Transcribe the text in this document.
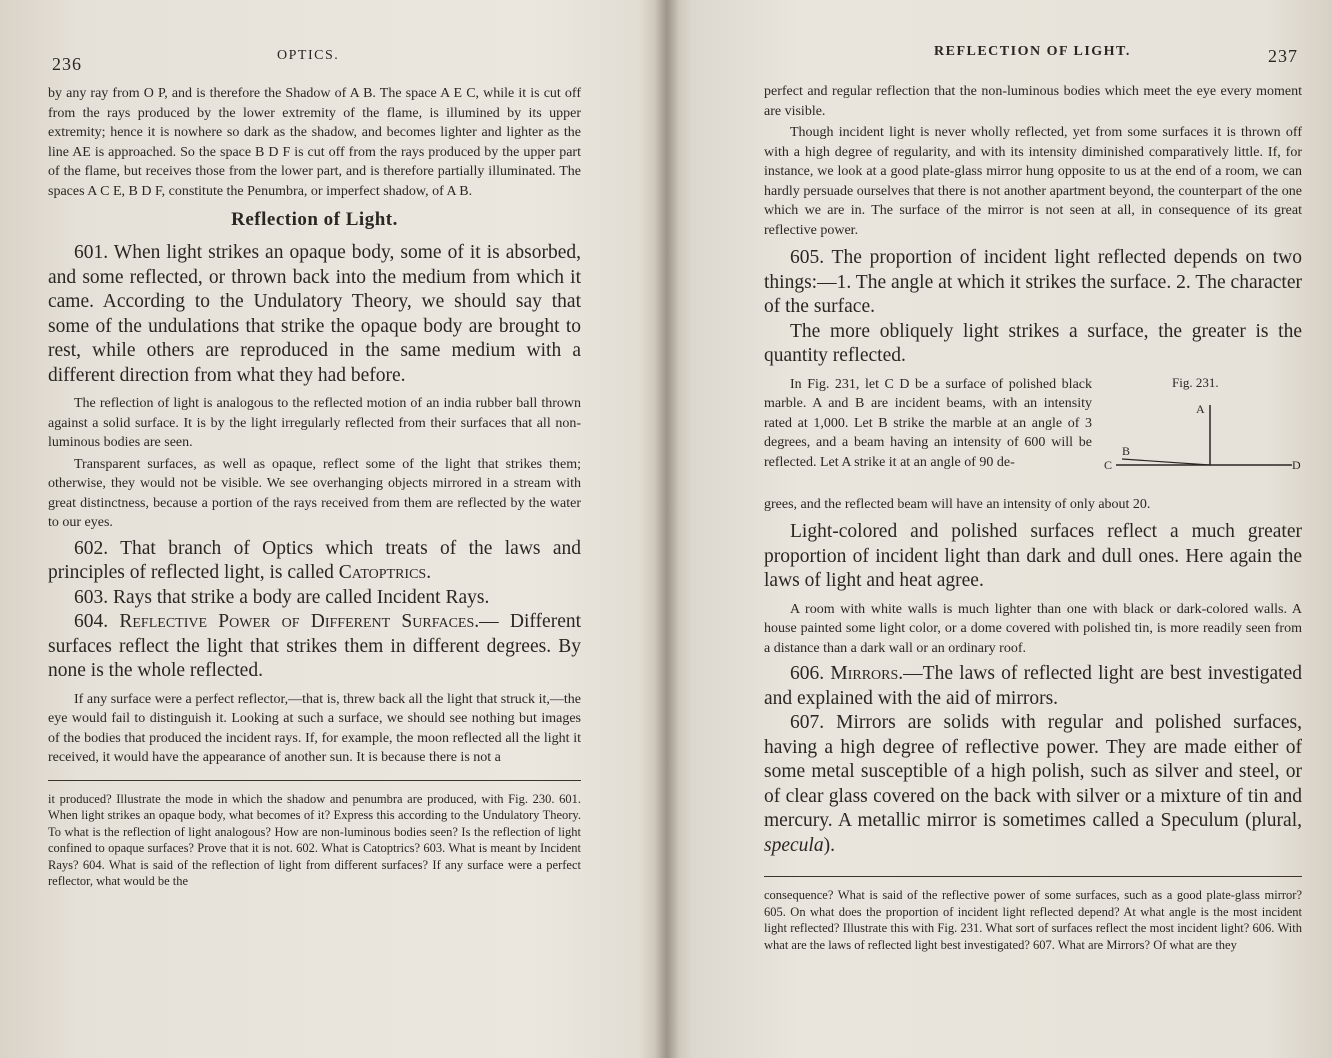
236	OPTICS.

by any ray from O P, and is therefore the Shadow of A B. The space A E C, while it is cut off from the rays produced by the lower extremity of the flame, is illumined by its upper extremity; hence it is nowhere so dark as the shadow, and becomes lighter and lighter as the line AE is approached. So the space B D F is cut off from the rays produced by the upper part of the flame, but receives those from the lower part, and is therefore partially illuminated. The spaces A C E, B D F, constitute the Penumbra, or imperfect shadow, of A B.

Reflection of Light.

601. When light strikes an opaque body, some of it is absorbed, and some reflected, or thrown back into the medium from which it came. According to the Undulatory Theory, we should say that some of the undulations that strike the opaque body are brought to rest, while others are reproduced in the same medium with a different direction from what they had before.

The reflection of light is analogous to the reflected motion of an india rubber ball thrown against a solid surface. It is by the light irregularly reflected from their surfaces that all non-luminous bodies are seen.

Transparent surfaces, as well as opaque, reflect some of the light that strikes them; otherwise, they would not be visible. We see overhanging objects mirrored in a stream with great distinctness, because a portion of the rays received from them are reflected by the water to our eyes.

602. That branch of Optics which treats of the laws and principles of reflected light, is called Catoptrics.

603. Rays that strike a body are called Incident Rays.

604. Reflective Power of Different Surfaces.— Different surfaces reflect the light that strikes them in different degrees. By none is the whole reflected.

If any surface were a perfect reflector,—that is, threw back all the light that struck it,—the eye would fail to distinguish it. Looking at such a surface, we should see nothing but images of the bodies that produced the incident rays. If, for example, the moon reflected all the light it received, it would have the appearance of another sun. It is because there is not a

it produced? Illustrate the mode in which the shadow and penumbra are produced, with Fig. 230. 601. When light strikes an opaque body, what becomes of it? Express this according to the Undulatory Theory. To what is the reflection of light analogous? How are non-luminous bodies seen? Is the reflection of light confined to opaque surfaces? Prove that it is not. 602. What is Catoptrics? 603. What is meant by Incident Rays? 604. What is said of the reflection of light from different surfaces? If any surface were a perfect reflector, what would be the

REFLECTION OF LIGHT.	237

perfect and regular reflection that the non-luminous bodies which meet the eye every moment are visible.

Though incident light is never wholly reflected, yet from some surfaces it is thrown off with a high degree of regularity, and with its intensity diminished comparatively little. If, for instance, we look at a good plate-glass mirror hung opposite to us at the end of a room, we can hardly persuade ourselves that there is not another apartment beyond, the counterpart of the one which we are in. The surface of the mirror is not seen at all, in consequence of its great reflective power.

605. The proportion of incident light reflected depends on two things:—1. The angle at which it strikes the surface. 2. The character of the surface.

The more obliquely light strikes a surface, the greater is the quantity reflected.

In Fig. 231, let C D be a surface of polished black marble. A and B are incident beams, with an intensity rated at 1,000. Let B strike the marble at an angle of 3 degrees, and a beam having an intensity of 600 will be reflected. Let A strike it at an angle of 90 de-

Fig. 231.
A
B
C	D

grees, and the reflected beam will have an intensity of only about 20.

Light-colored and polished surfaces reflect a much greater proportion of incident light than dark and dull ones. Here again the laws of light and heat agree.

A room with white walls is much lighter than one with black or dark-colored walls. A house painted some light color, or a dome covered with polished tin, is more readily seen from a distance than a dark wall or an ordinary roof.

606. Mirrors.—The laws of reflected light are best investigated and explained with the aid of mirrors.

607. Mirrors are solids with regular and polished surfaces, having a high degree of reflective power. They are made either of some metal susceptible of a high polish, such as silver and steel, or of clear glass covered on the back with silver or a mixture of tin and mercury. A metallic mirror is sometimes called a Speculum (plural, specula).

consequence? What is said of the reflective power of some surfaces, such as a good plate-glass mirror? 605. On what does the proportion of incident light reflected depend? At what angle is the most incident light reflected? Illustrate this with Fig. 231. What sort of surfaces reflect the most incident light? 606. With what are the laws of reflected light best investigated? 607. What are Mirrors? Of what are they
